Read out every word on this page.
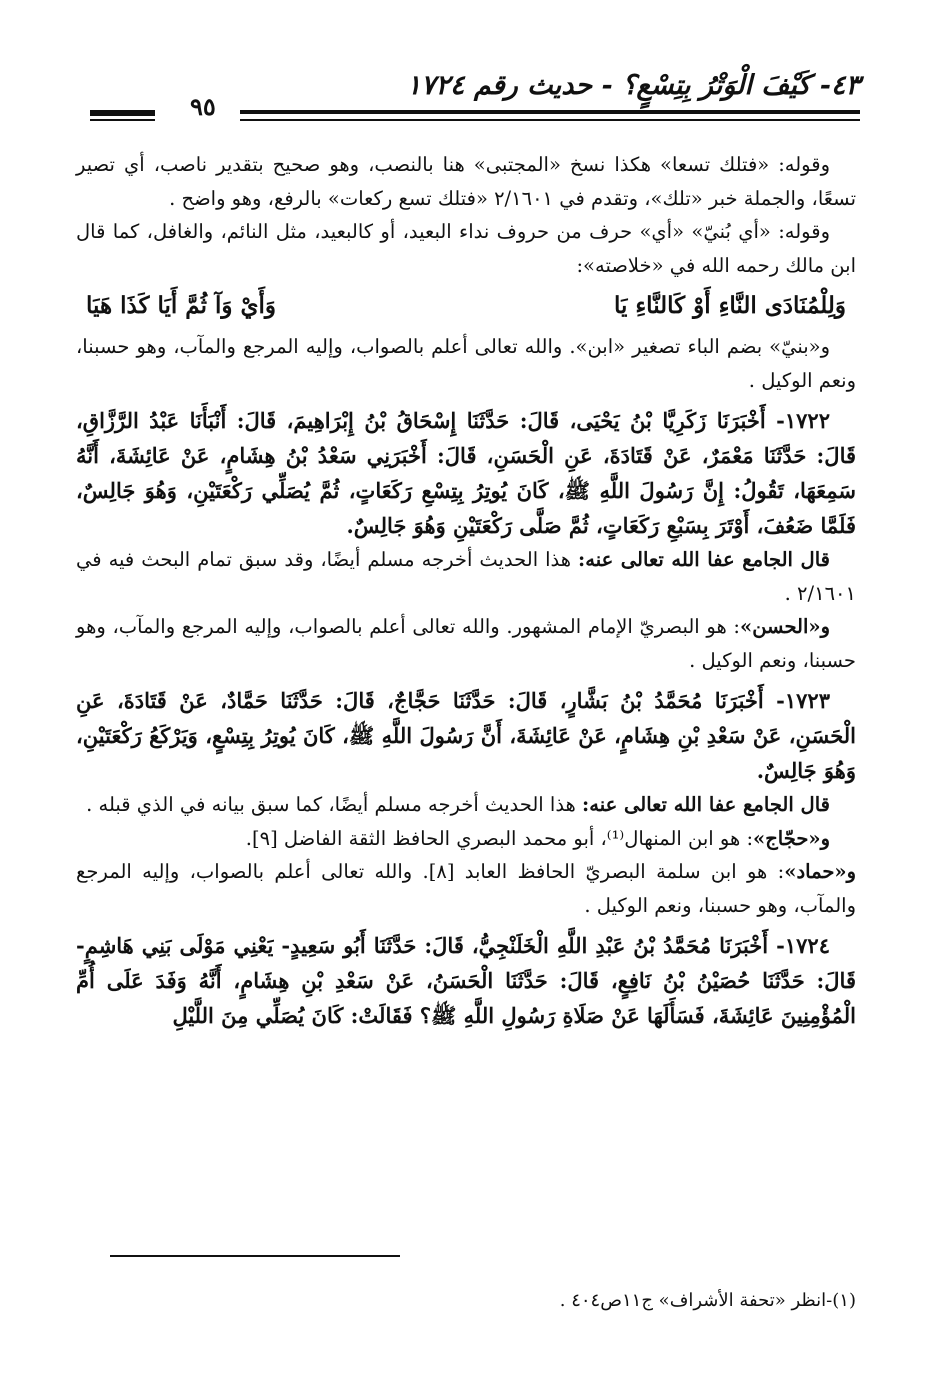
٤٣- كَيْفَ الْوَتْرُ بِتِسْعٍ؟ - حديث رقم ١٧٢٤
٩٥

وقوله: «فتلك تسعا» هكذا نسخ «المجتبى» هنا بالنصب، وهو صحيح بتقدير ناصب، أي تصير تسعًا، والجملة خبر «تلك»، وتقدم في ٢/١٦٠١ «فتلك تسع ركعات» بالرفع، وهو واضح .

وقوله: «أي بُنيّ» «أي» حرف من حروف نداء البعيد، أو كالبعيد، مثل النائم، والغافل، كما قال ابن مالك رحمه الله في «خلاصته»:

وَلِلْمُنَادَى النَّاءِ أَوْ كَالنَّاءِ يَا
وَأَيْ وَآ ثُمَّ أَيَا كَذَا هَيَا

و«بنيّ» بضم الباء تصغير «ابن». والله تعالى أعلم بالصواب، وإليه المرجع والمآب، وهو حسبنا، ونعم الوكيل .

١٧٢٢- أَخْبَرَنَا زَكَرِيَّا بْنُ يَحْيَى، قَالَ: حَدَّثَنَا إِسْحَاقُ بْنُ إِبْرَاهِيمَ، قَالَ: أَنْبَأَنَا عَبْدُ الرَّزَّاقِ، قَالَ: حَدَّثَنَا مَعْمَرٌ، عَنْ قَتَادَةَ، عَنِ الْحَسَنِ، قَالَ: أَخْبَرَنِي سَعْدُ بْنُ هِشَامٍ، عَنْ عَائِشَةَ، أَنَّهُ سَمِعَهَا، تَقُولُ: إِنَّ رَسُولَ اللَّهِ ﷺ، كَانَ يُوتِرُ بِتِسْعِ رَكَعَاتٍ، ثُمَّ يُصَلِّي رَكْعَتَيْنِ، وَهُوَ جَالِسٌ، فَلَمَّا ضَعُفَ، أَوْتَرَ بِسَبْعِ رَكَعَاتٍ، ثُمَّ صَلَّى رَكْعَتَيْنِ وَهُوَ جَالِسٌ.

قال الجامع عفا الله تعالى عنه: هذا الحديث أخرجه مسلم أيضًا، وقد سبق تمام البحث فيه في ٢/١٦٠١ .

و«الحسن»: هو البصريّ الإمام المشهور. والله تعالى أعلم بالصواب، وإليه المرجع والمآب، وهو حسبنا، ونعم الوكيل .

١٧٢٣- أَخْبَرَنَا مُحَمَّدُ بْنُ بَشَّارٍ، قَالَ: حَدَّثَنَا حَجَّاجٌ، قَالَ: حَدَّثَنَا حَمَّادٌ، عَنْ قَتَادَةَ، عَنِ الْحَسَنِ، عَنْ سَعْدِ بْنِ هِشَامٍ، عَنْ عَائِشَةَ، أَنَّ رَسُولَ اللَّهِ ﷺ، كَانَ يُوتِرُ بِتِسْعٍ، وَيَرْكَعُ رَكْعَتَيْنِ، وَهُوَ جَالِسٌ.

قال الجامع عفا الله تعالى عنه: هذا الحديث أخرجه مسلم أيضًا، كما سبق بيانه في الذي قبله .

و«حجّاج»: هو ابن المنهال⁽¹⁾، أبو محمد البصري الحافظ الثقة الفاضل [٩].

و«حماد»: هو ابن سلمة البصريّ الحافظ العابد [٨]. والله تعالى أعلم بالصواب، وإليه المرجع والمآب، وهو حسبنا، ونعم الوكيل .

١٧٢٤- أَخْبَرَنَا مُحَمَّدُ بْنُ عَبْدِ اللَّهِ الْخَلَنْجِيُّ، قَالَ: حَدَّثَنَا أَبُو سَعِيدٍ- يَعْنِي مَوْلَى بَنِي هَاشِمٍ- قَالَ: حَدَّثَنَا حُصَيْنُ بْنُ نَافِعٍ، قَالَ: حَدَّثَنَا الْحَسَنُ، عَنْ سَعْدِ بْنِ هِشَامٍ، أَنَّهُ وَفَدَ عَلَى أُمِّ الْمُؤْمِنِينَ عَائِشَةَ، فَسَأَلَهَا عَنْ صَلَاةِ رَسُولِ اللَّهِ ﷺ؟ فَقَالَتْ: كَانَ يُصَلِّي مِنَ اللَّيْلِ

(١)-انظر «تحفة الأشراف» ج١١ص٤٠٤ .
